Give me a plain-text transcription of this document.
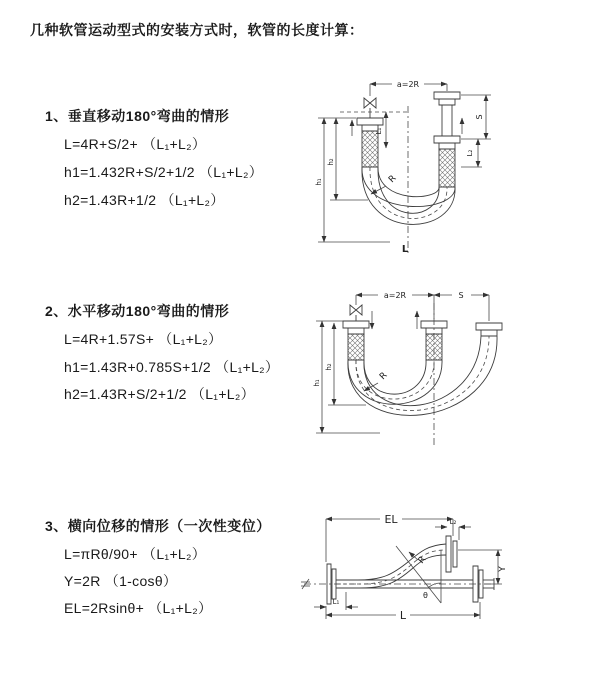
几种软管运动型式的安装方式时，软管的长度计算：
1、垂直移动180°弯曲的情形
L=4R+S/2+ （L₁+L₂）
h1=1.432R+S/2+1/2 （L₁+L₂）
h2=1.43R+1/2 （L₁+L₂）
a=2R
L₁
S
L₂
h₁
h₂
R
L
2、水平移动180°弯曲的情形
L=4R+1.57S+ （L₁+L₂）
h1=1.43R+0.785S+1/2 （L₁+L₂）
h2=1.43R+S/2+1/2 （L₁+L₂）
a=2R	S
h₁
h₂
R
3、横向位移的情形（一次性变位）
L=πRθ/90+ （L₁+L₂）
Y=2R （1-cosθ）
EL=2Rsinθ+ （L₁+L₂）
EL	L₂
θ
R
Y
L₁
L
